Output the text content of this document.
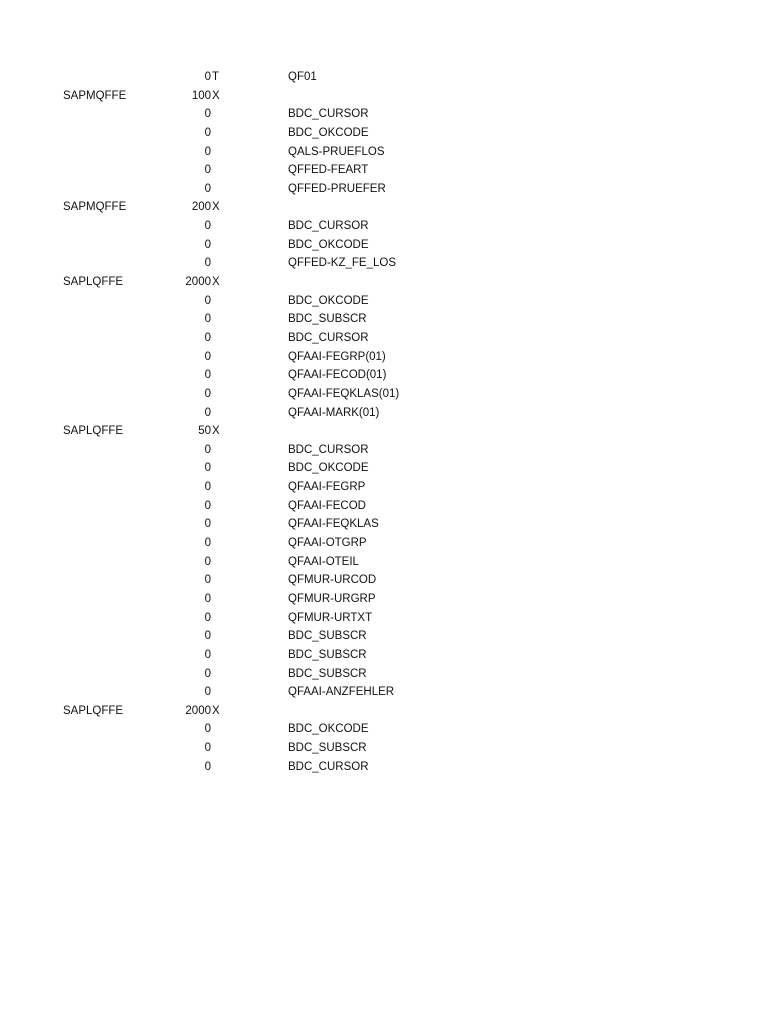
0 T	QF01
SAPMQFFE	100 X
0	BDC_CURSOR
0	BDC_OKCODE
0	QALS-PRUEFLOS
0	QFFED-FEART
0	QFFED-PRUEFER
SAPMQFFE	200 X
0	BDC_CURSOR
0	BDC_OKCODE
0	QFFED-KZ_FE_LOS
SAPLQFFE	2000 X
0	BDC_OKCODE
0	BDC_SUBSCR
0	BDC_CURSOR
0	QFAAI-FEGRP(01)
0	QFAAI-FECOD(01)
0	QFAAI-FEQKLAS(01)
0	QFAAI-MARK(01)
SAPLQFFE	50 X
0	BDC_CURSOR
0	BDC_OKCODE
0	QFAAI-FEGRP
0	QFAAI-FECOD
0	QFAAI-FEQKLAS
0	QFAAI-OTGRP
0	QFAAI-OTEIL
0	QFMUR-URCOD
0	QFMUR-URGRP
0	QFMUR-URTXT
0	BDC_SUBSCR
0	BDC_SUBSCR
0	BDC_SUBSCR
0	QFAAI-ANZFEHLER
SAPLQFFE	2000 X
0	BDC_OKCODE
0	BDC_SUBSCR
0	BDC_CURSOR
